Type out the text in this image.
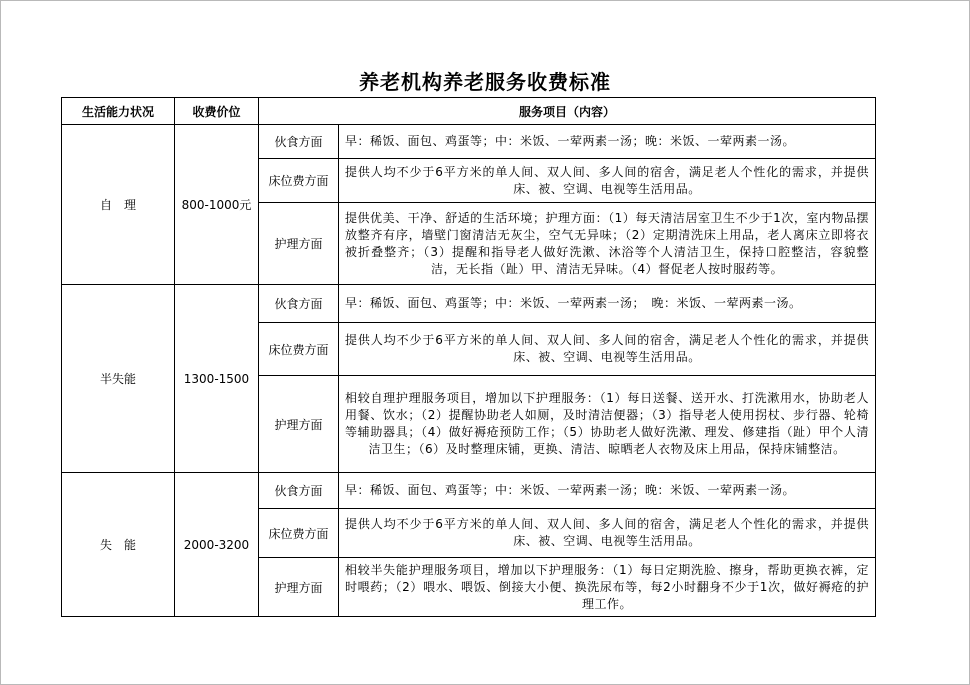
养老机构养老服务收费标准
生活能力状况	收费价位	服务项目（内容）	
自　理	800-1000元	伙食方面	早：稀饭、面包、鸡蛋等；中：米饭、一荤两素一汤；晚：米饭、一荤两素一汤。
		床位费方面	提供人均不少于6平方米的单人间、双人间、多人间的宿舍，满足老人个性化的需求，并提供床、被、空调、电视等生活用品。
		护理方面	提供优美、干净、舒适的生活环境；护理方面：（1）每天清洁居室卫生不少于1次，室内物品摆放整齐有序，墙壁门窗清洁无灰尘，空气无异味；（2）定期清洗床上用品，老人离床立即将衣被折叠整齐；（3）提醒和指导老人做好洗漱、沐浴等个人清洁卫生，保持口腔整洁，容貌整洁，无长指（趾）甲、清洁无异味。（4）督促老人按时服药等。
半失能	1300-1500	伙食方面	早：稀饭、面包、鸡蛋等；中：米饭、一荤两素一汤；　晚：米饭、一荤两素一汤。
		床位费方面	提供人均不少于6平方米的单人间、双人间、多人间的宿舍，满足老人个性化的需求，并提供床、被、空调、电视等生活用品。
		护理方面	相较自理护理服务项目，增加以下护理服务：（1）每日送餐、送开水、打洗漱用水，协助老人用餐、饮水；（2）提醒协助老人如厕，及时清洁便器；（3）指导老人使用拐杖、步行器、轮椅等辅助器具；（4）做好褥疮预防工作；（5）协助老人做好洗漱、理发、修建指（趾）甲个人清洁卫生；（6）及时整理床铺，更换、清洁、晾晒老人衣物及床上用品，保持床铺整洁。
失　能	2000-3200	伙食方面	早：稀饭、面包、鸡蛋等；中：米饭、一荤两素一汤；晚：米饭、一荤两素一汤。
		床位费方面	提供人均不少于6平方米的单人间、双人间、多人间的宿舍，满足老人个性化的需求，并提供床、被、空调、电视等生活用品。
		护理方面	相较半失能护理服务项目，增加以下护理服务：（1）每日定期洗脸、擦身，帮助更换衣裤，定时喂药；（2）喂水、喂饭、倒接大小便、换洗尿布等，每2小时翻身不少于1次，做好褥疮的护理工作。
